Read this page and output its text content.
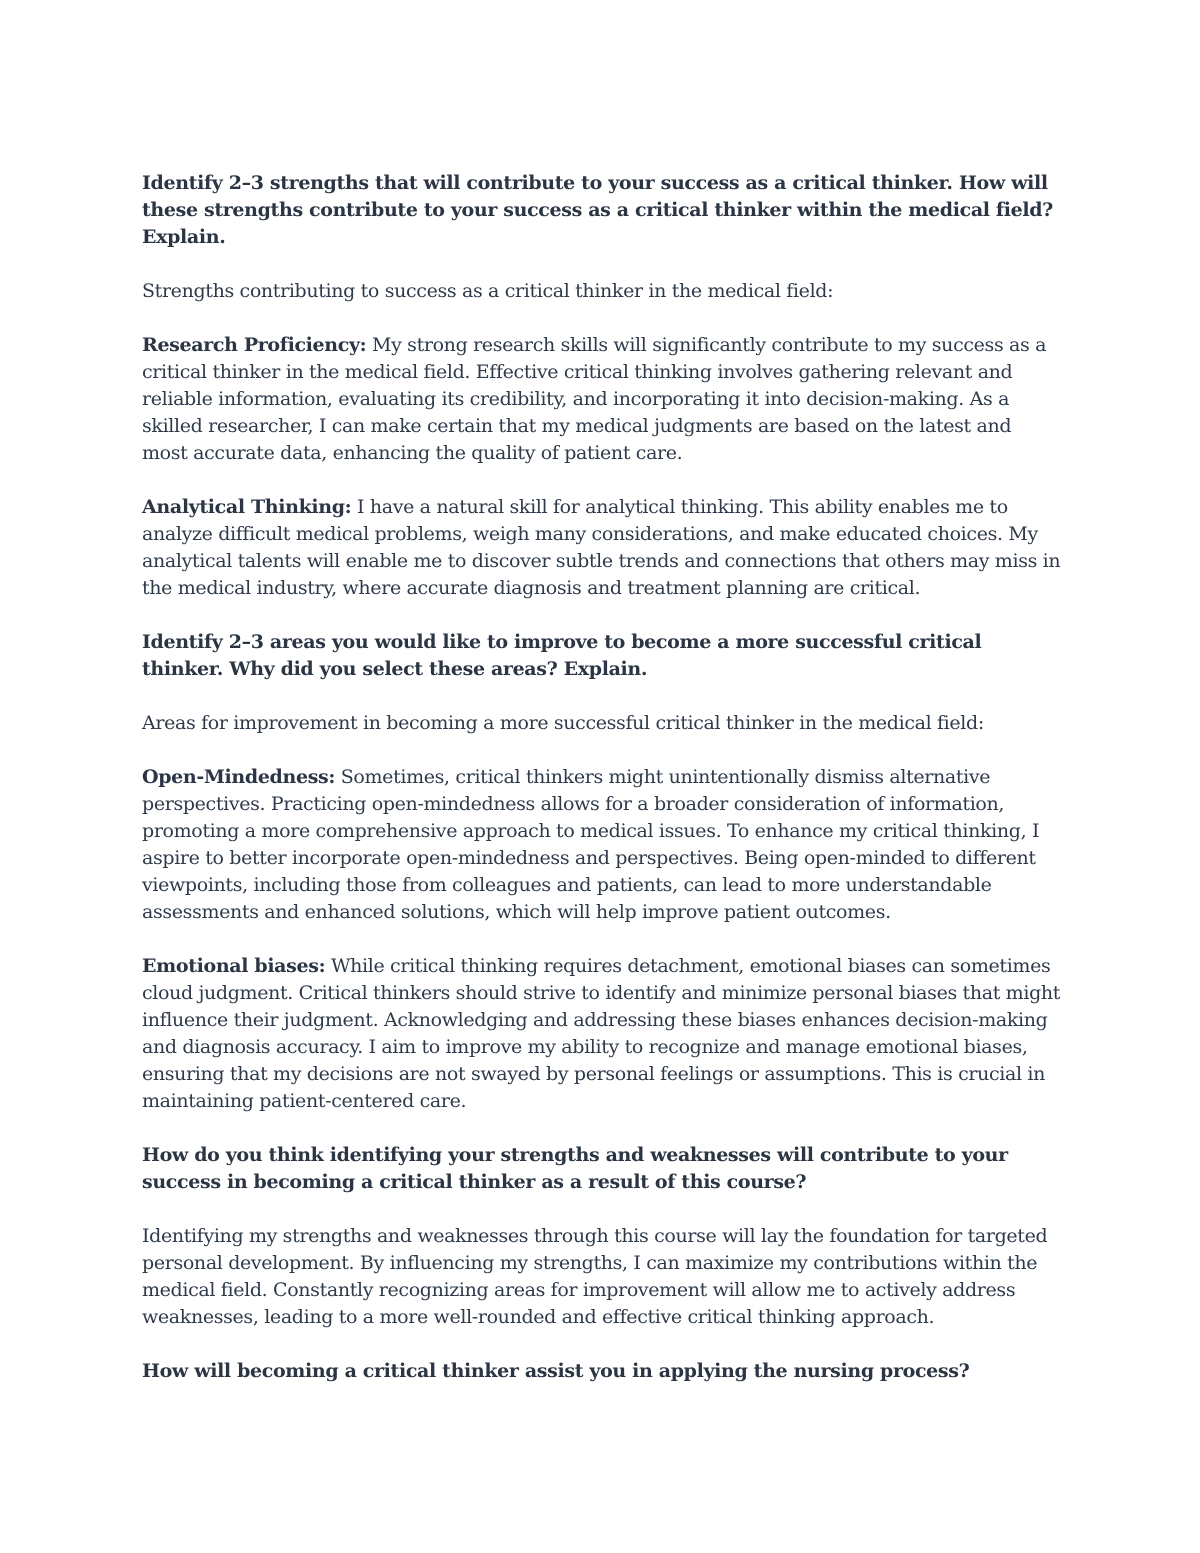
Identify 2–3 strengths that will contribute to your success as a critical thinker. How will these strengths contribute to your success as a critical thinker within the medical field? Explain.

Strengths contributing to success as a critical thinker in the medical field:

Research Proficiency: My strong research skills will significantly contribute to my success as a critical thinker in the medical field. Effective critical thinking involves gathering relevant and reliable information, evaluating its credibility, and incorporating it into decision-making. As a skilled researcher, I can make certain that my medical judgments are based on the latest and most accurate data, enhancing the quality of patient care.

Analytical Thinking: I have a natural skill for analytical thinking. This ability enables me to analyze difficult medical problems, weigh many considerations, and make educated choices. My analytical talents will enable me to discover subtle trends and connections that others may miss in the medical industry, where accurate diagnosis and treatment planning are critical.

Identify 2–3 areas you would like to improve to become a more successful critical thinker. Why did you select these areas? Explain.

Areas for improvement in becoming a more successful critical thinker in the medical field:

Open-Mindedness: Sometimes, critical thinkers might unintentionally dismiss alternative perspectives. Practicing open-mindedness allows for a broader consideration of information, promoting a more comprehensive approach to medical issues. To enhance my critical thinking, I aspire to better incorporate open-mindedness and perspectives. Being open-minded to different viewpoints, including those from colleagues and patients, can lead to more understandable assessments and enhanced solutions, which will help improve patient outcomes.

Emotional biases: While critical thinking requires detachment, emotional biases can sometimes cloud judgment. Critical thinkers should strive to identify and minimize personal biases that might influence their judgment. Acknowledging and addressing these biases enhances decision-making and diagnosis accuracy. I aim to improve my ability to recognize and manage emotional biases, ensuring that my decisions are not swayed by personal feelings or assumptions. This is crucial in maintaining patient-centered care.

How do you think identifying your strengths and weaknesses will contribute to your success in becoming a critical thinker as a result of this course?

Identifying my strengths and weaknesses through this course will lay the foundation for targeted personal development. By influencing my strengths, I can maximize my contributions within the medical field. Constantly recognizing areas for improvement will allow me to actively address weaknesses, leading to a more well-rounded and effective critical thinking approach.

How will becoming a critical thinker assist you in applying the nursing process?
